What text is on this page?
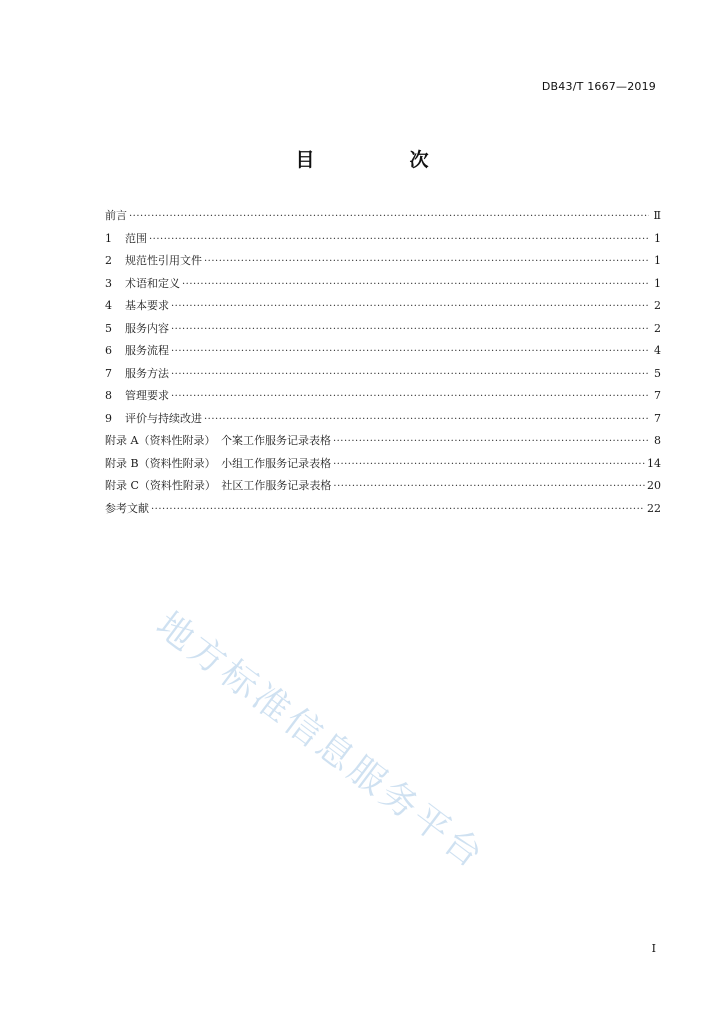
DB43/T 1667—2019
目　次
前言 ·····	Ⅱ
1	范围 ·····	1
2	规范性引用文件 ·····	1
3	术语和定义 ·····	1
4	基本要求 ·····	2
5	服务内容 ·····	2
6	服务流程 ·····	4
7	服务方法 ·····	5
8	管理要求 ·····	7
9	评价与持续改进 ·····	7
附录 A（资料性附录）　个案工作服务记录表格 ·····	8
附录 B（资料性附录）　小组工作服务记录表格 ·····	14
附录 C（资料性附录）　社区工作服务记录表格 ·····	20
参考文献 ·····	22
地方标准信息服务平台
I
